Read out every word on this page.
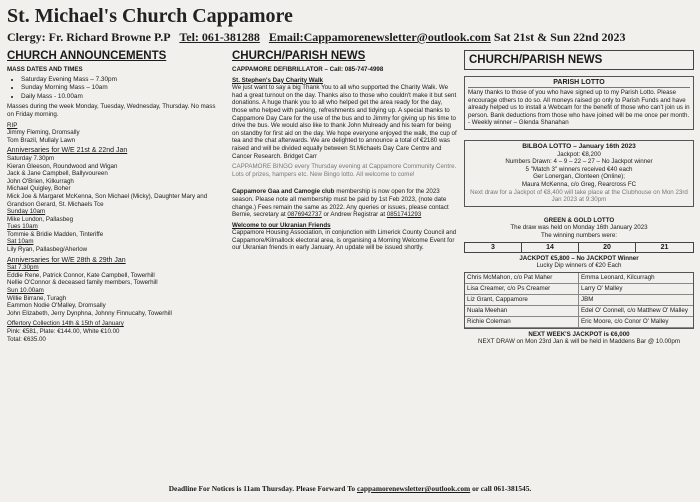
St. Michael's Church Cappamore
Clergy: Fr. Richard Browne P.P Tel: 061-381288 Email:Cappamorenewsletter@outlook.com Sat 21st & Sun 22nd 2023
CHURCH ANNOUNCEMENTS
MASS DATES AND TIMES
• Saturday Evening Mass – 7.30pm
• Sunday Morning Mass – 10am
• Daily Mass - 10.00am
Masses during the week Monday, Tuesday, Wednesday, Thursday. No mass on Friday morning.
RIP
Jimmy Fleming, Dromsally
Tom Brazil, Mullaly Lawn
Anniversaries for W/E 21st & 22nd Jan
Saturday 7.30pm
Kieran Gleeson, Roundwood and Wigan
Jack & Jane Campbell, Ballyvoureen
John O'Brien, Kilkurragh
Michael Quigley, Boher
Mick Joe & Margaret McKenna, Son Michael (Micky), Daughter Mary and Grandson Gerard, St. Michaels Tce
Sunday 10am
Mike Lundon, Pallasbeg
Tues 10am
Tommie & Bridie Madden, Tinteriffe
Sat 10am
Lily Ryan, Pallasbeg/Aherlow
Anniversaries for W/E 28th & 29th Jan
Sat 7.30pm
Eddie Rene, Patrick Connor, Kate Campbell, Towerhill
Nellie O'Connor & deceased family members, Towerhill
Sun 10.00am
Willie Birrane, Turagh
Eammon Nodie O'Malley, Dromsally
John Elizabeth, Jerry Dynphna, Johnny Finnucahy, Towerhill
Offertory Collection 14th & 15th of January
Pink: €581, Plate: €144.00, White €10.00
Total: €635.00
CHURCH/PARISH NEWS
CAPPAMORE DEFIBRILLATOR – Call: 085-747-4998
St. Stephen's Day Charity Walk
We just want to say a big Thank You to all who supported the Charity Walk. We had a great turnout on the day. Thanks also to those who couldn't make it but sent donations. A huge thank you to all who helped get the area ready for the day, those who helped with parking, refreshments and tidying up. A special thanks to Cappamore Day Care for the use of the bus and to Jimmy for giving up his time to drive the bus. We would also like to thank John Mulready and his team for being on standby for first aid on the day. We hope everyone enjoyed the walk, the cup of tea and the chat afterwards. We are delighted to announce a total of €2180 was raised and will be divided equally between St.Michaels Day Care Centre and Cancer Research. Bridget Carr
CAPPAMORE BINGO every Thursday evening at Cappamore Community Centre. Lots of prizes, hampers etc. New Bingo lotto. All welcome to come!
Cappamore Gaa and Camogie club membership is now open for the 2023 season. Please note all membership must be paid by 1st Feb 2023, (note date change.) Fees remain the same as 2022. Any queries or issues, please contact Bernie, secretary at 0876942737 or Andrew Registrar at 0851741293
Welcome to our Ukranian Friends
Cappamore Housing Association, in conjunction with Limerick County Council and Cappamore/Kilmallock electoral area, is organising a Morning Welcome Event for our Ukranian friends in early January. An update will be issued shortly.
CHURCH/PARISH NEWS
PARISH LOTTO
Many thanks to those of you who have signed up to my Parish Lotto. Please encourage others to do so. All moneys raised go only to Parish Funds and have already helped us to install a Webcam for the benefit of those who can't join us in person. Bank deductions from those who have joined will be me once per month. - Weekly winner – Glenda Shanahan
BILBOA LOTTO – January 16th 2023
Jackpot: €8,200
Numbers Drawn: 4 – 9 – 22 – 27 – No Jackpot winner
5 "Match 3" winners received €40 each
Ger Lonergan, Clonteen (Online);
Maura McKenna, c/o Greg, Rearcross FC
Next draw for a Jackpot of €8,400 will take place at the Clubhouse on Mon 23rd Jan 2023 at 9:30pm
GREEN & GOLD LOTTO
The draw was held on Monday 16th January 2023
The winning numbers were:
3	14	20	21
JACKPOT €5,800 – No JACKPOT Winner
Lucky Dip winners of €20 Each
Chris McMahon, c/o Pat Maher	Emma Leonard, Kilcurragh
Lisa Creamer, c/o Ps Creamer	Larry O' Malley
Liz Grant, Cappamore	JBM
Nuala Meehan	Edel O' Connell, c/o Matthew O' Malley
Richie Coleman	Eric Moore, c/o Conor O' Malley
NEXT WEEK'S JACKPOT is €6,000
NEXT DRAW on Mon 23rd Jan & will be held in Maddens Bar @ 10.00pm
Deadline For Notices is 11am Thursday. Please Forward To cappamorenewsletter@outlook.com or call 061-381545.
